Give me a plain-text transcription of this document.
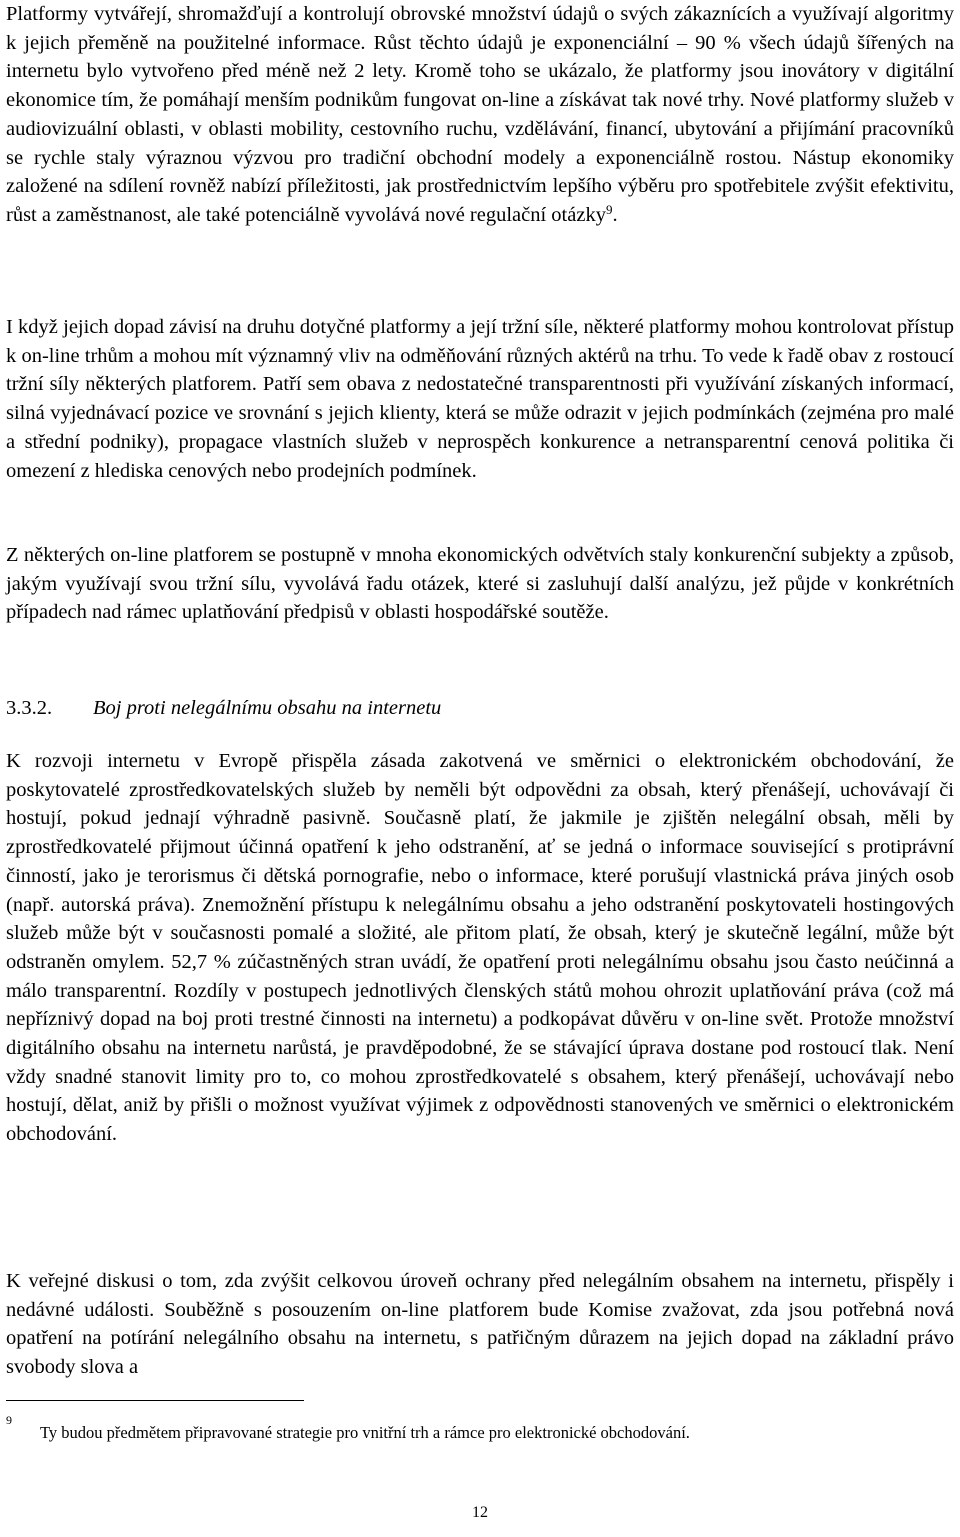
Platformy vytvářejí, shromažďují a kontrolují obrovské množství údajů o svých zákaznících a využívají algoritmy k jejich přeměně na použitelné informace. Růst těchto údajů je exponenciální – 90 % všech údajů šířených na internetu bylo vytvořeno před méně než 2 lety. Kromě toho se ukázalo, že platformy jsou inovátory v digitální ekonomice tím, že pomáhají menším podnikům fungovat on-line a získávat tak nové trhy. Nové platformy služeb v audiovizuální oblasti, v oblasti mobility, cestovního ruchu, vzdělávání, financí, ubytování a přijímání pracovníků se rychle staly výraznou výzvou pro tradiční obchodní modely a exponenciálně rostou. Nástup ekonomiky založené na sdílení rovněž nabízí příležitosti, jak prostřednictvím lepšího výběru pro spotřebitele zvýšit efektivitu, růst a zaměstnanost, ale také potenciálně vyvolává nové regulační otázky$^9$.

I když jejich dopad závisí na druhu dotyčné platformy a její tržní síle, některé platformy mohou kontrolovat přístup k on-line trhům a mohou mít významný vliv na odměňování různých aktérů na trhu. To vede k řadě obav z rostoucí tržní síly některých platforem. Patří sem obava z nedostatečné transparentnosti při využívání získaných informací, silná vyjednávací pozice ve srovnání s jejich klienty, která se může odrazit v jejich podmínkách (zejména pro malé a střední podniky), propagace vlastních služeb v neprospěch konkurence a netransparentní cenová politika či omezení z hlediska cenových nebo prodejních podmínek.

Z některých on-line platforem se postupně v mnoha ekonomických odvětvích staly konkurenční subjekty a způsob, jakým využívají svou tržní sílu, vyvolává řadu otázek, které si zasluhují další analýzu, jež půjde v konkrétních případech nad rámec uplatňování předpisů v oblasti hospodářské soutěže.

3.3.2. Boj proti nelegálnímu obsahu na internetu

K rozvoji internetu v Evropě přispěla zásada zakotvená ve směrnici o elektronickém obchodování, že poskytovatelé zprostředkovatelských služeb by neměli být odpovědni za obsah, který přenášejí, uchovávají či hostují, pokud jednají výhradně pasivně. Současně platí, že jakmile je zjištěn nelegální obsah, měli by zprostředkovatelé přijmout účinná opatření k jeho odstranění, ať se jedná o informace související s protiprávní činností, jako je terorismus či dětská pornografie, nebo o informace, které porušují vlastnická práva jiných osob (např. autorská práva). Znemožnění přístupu k nelegálnímu obsahu a jeho odstranění poskytovateli hostingových služeb může být v současnosti pomalé a složité, ale přitom platí, že obsah, který je skutečně legální, může být odstraněn omylem. 52,7 % zúčastněných stran uvádí, že opatření proti nelegálnímu obsahu jsou často neúčinná a málo transparentní. Rozdíly v postupech jednotlivých členských států mohou ohrozit uplatňování práva (což má nepříznivý dopad na boj proti trestné činnosti na internetu) a podkopávat důvěru v on-line svět. Protože množství digitálního obsahu na internetu narůstá, je pravděpodobné, že se stávající úprava dostane pod rostoucí tlak. Není vždy snadné stanovit limity pro to, co mohou zprostředkovatelé s obsahem, který přenášejí, uchovávají nebo hostují, dělat, aniž by přišli o možnost využívat výjimek z odpovědnosti stanovených ve směrnici o elektronickém obchodování.

K veřejné diskusi o tom, zda zvýšit celkovou úroveň ochrany před nelegálním obsahem na internetu, přispěly i nedávné události. Souběžně s posouzením on-line platforem bude Komise zvažovat, zda jsou potřebná nová opatření na potírání nelegálního obsahu na internetu, s patřičným důrazem na jejich dopad na základní právo svobody slova a

9
Ty budou předmětem připravované strategie pro vnitřní trh a rámce pro elektronické obchodování.
12
